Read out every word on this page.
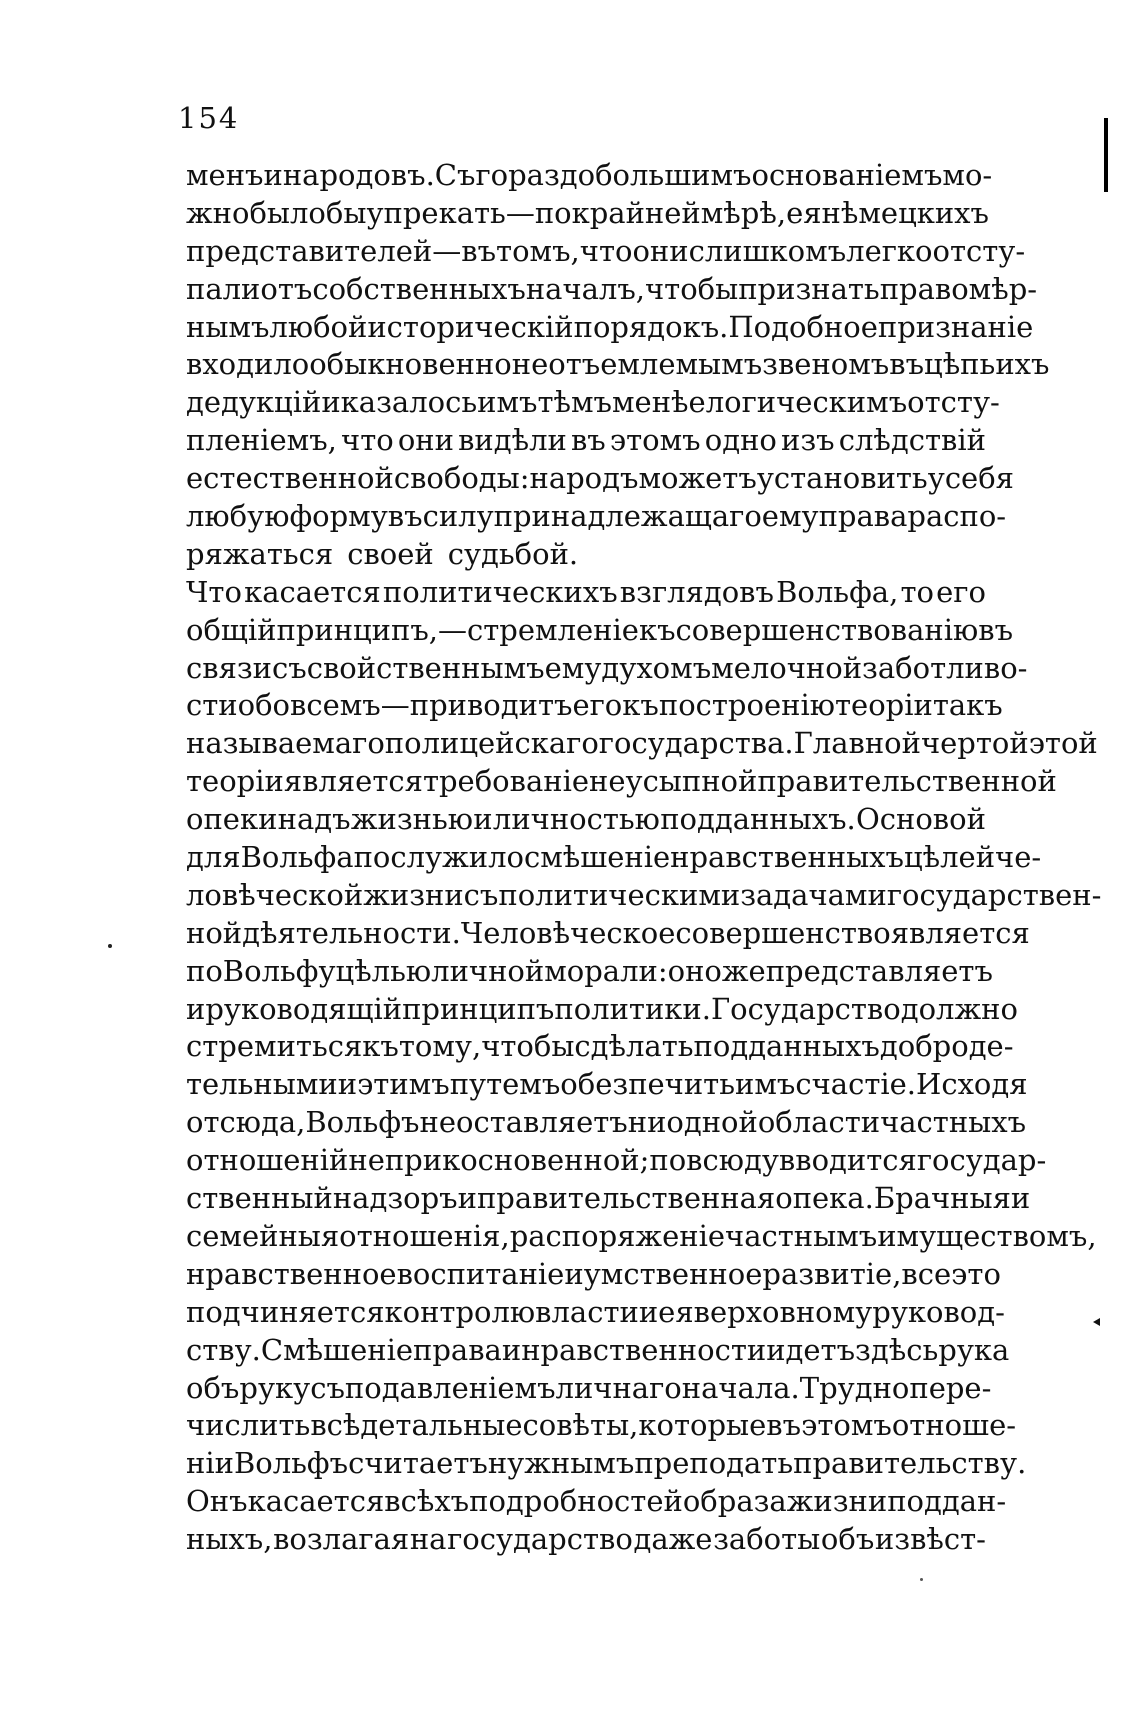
154
менъ и народовъ. Съ гораздо большимъ основаніемъ мо-
жно было бы упрекать—по крайней мѣрѣ, ея нѣмецкихъ
представителей—въ томъ, что они слишкомъ легко отсту-
пали отъ собственныхъ началъ, чтобы признать правомѣр-
нымъ любой историческій порядокъ. Подобное признаніе
входило обыкновенно неотъемлемымъ звеномъ въ цѣпь ихъ
дедукцій и казалось имъ тѣмъ менѣе логическимъ отсту-
пленіемъ, что они видѣли въ этомъ одно изъ слѣдствій
естественной свободы: народъ можетъ установить у себя
любую форму въ силу принадлежащаго ему права распо-
ряжаться своей судьбой.
Что касается политическихъ взглядовъ Вольфа, то его
общій принципъ, — стремленіе къ совершенствованію въ
связи съ свойственнымъ ему духомъ мелочной заботливо-
сти обо всемъ—приводитъ его къ построенію теоріи такъ
называемаго полицейскаго государства. Главной чертой этой
теоріи является требованіе неусыпной правительственной
опеки надъ жизнью и личностью подданныхъ. Основой
для Вольфа послужило смѣшеніе нравственныхъ цѣлей че-
ловѣческой жизни съ политическими задачами государствен-
ной дѣятельности. Человѣческое совершенство является
по Вольфу цѣлью личной морали: оно же представляетъ
и руководящій принципъ политики. Государство должно
стремиться къ тому, чтобы сдѣлать подданныхъ доброде-
тельными и этимъ путемъ обезпечить имъ счастіе. Исходя
отсюда, Вольфъ не оставляетъ ни одной области частныхъ
отношеній неприкосновенной; повсюду вводится государ-
ственный надзоръ и правительственная опека. Брачныя и
семейныя отношенія, распоряженіе частнымъ имуществомъ,
нравственное воспитаніе и умственное развитіе, все это
подчиняется контролю власти и ея верховному руковод-
ству. Смѣшеніе права и нравственности идетъ здѣсь рука
объ руку съ подавленіемъ личнаго начала. Трудно пере-
числить всѣ детальные совѣты, которые въ этомъ отноше-
ніи Вольфъ считаетъ нужнымъ преподать правительству.
Онъ касается всѣхъ подробностей образа жизни поддан-
ныхъ, возлагая на государство даже заботы объ извѣст-
